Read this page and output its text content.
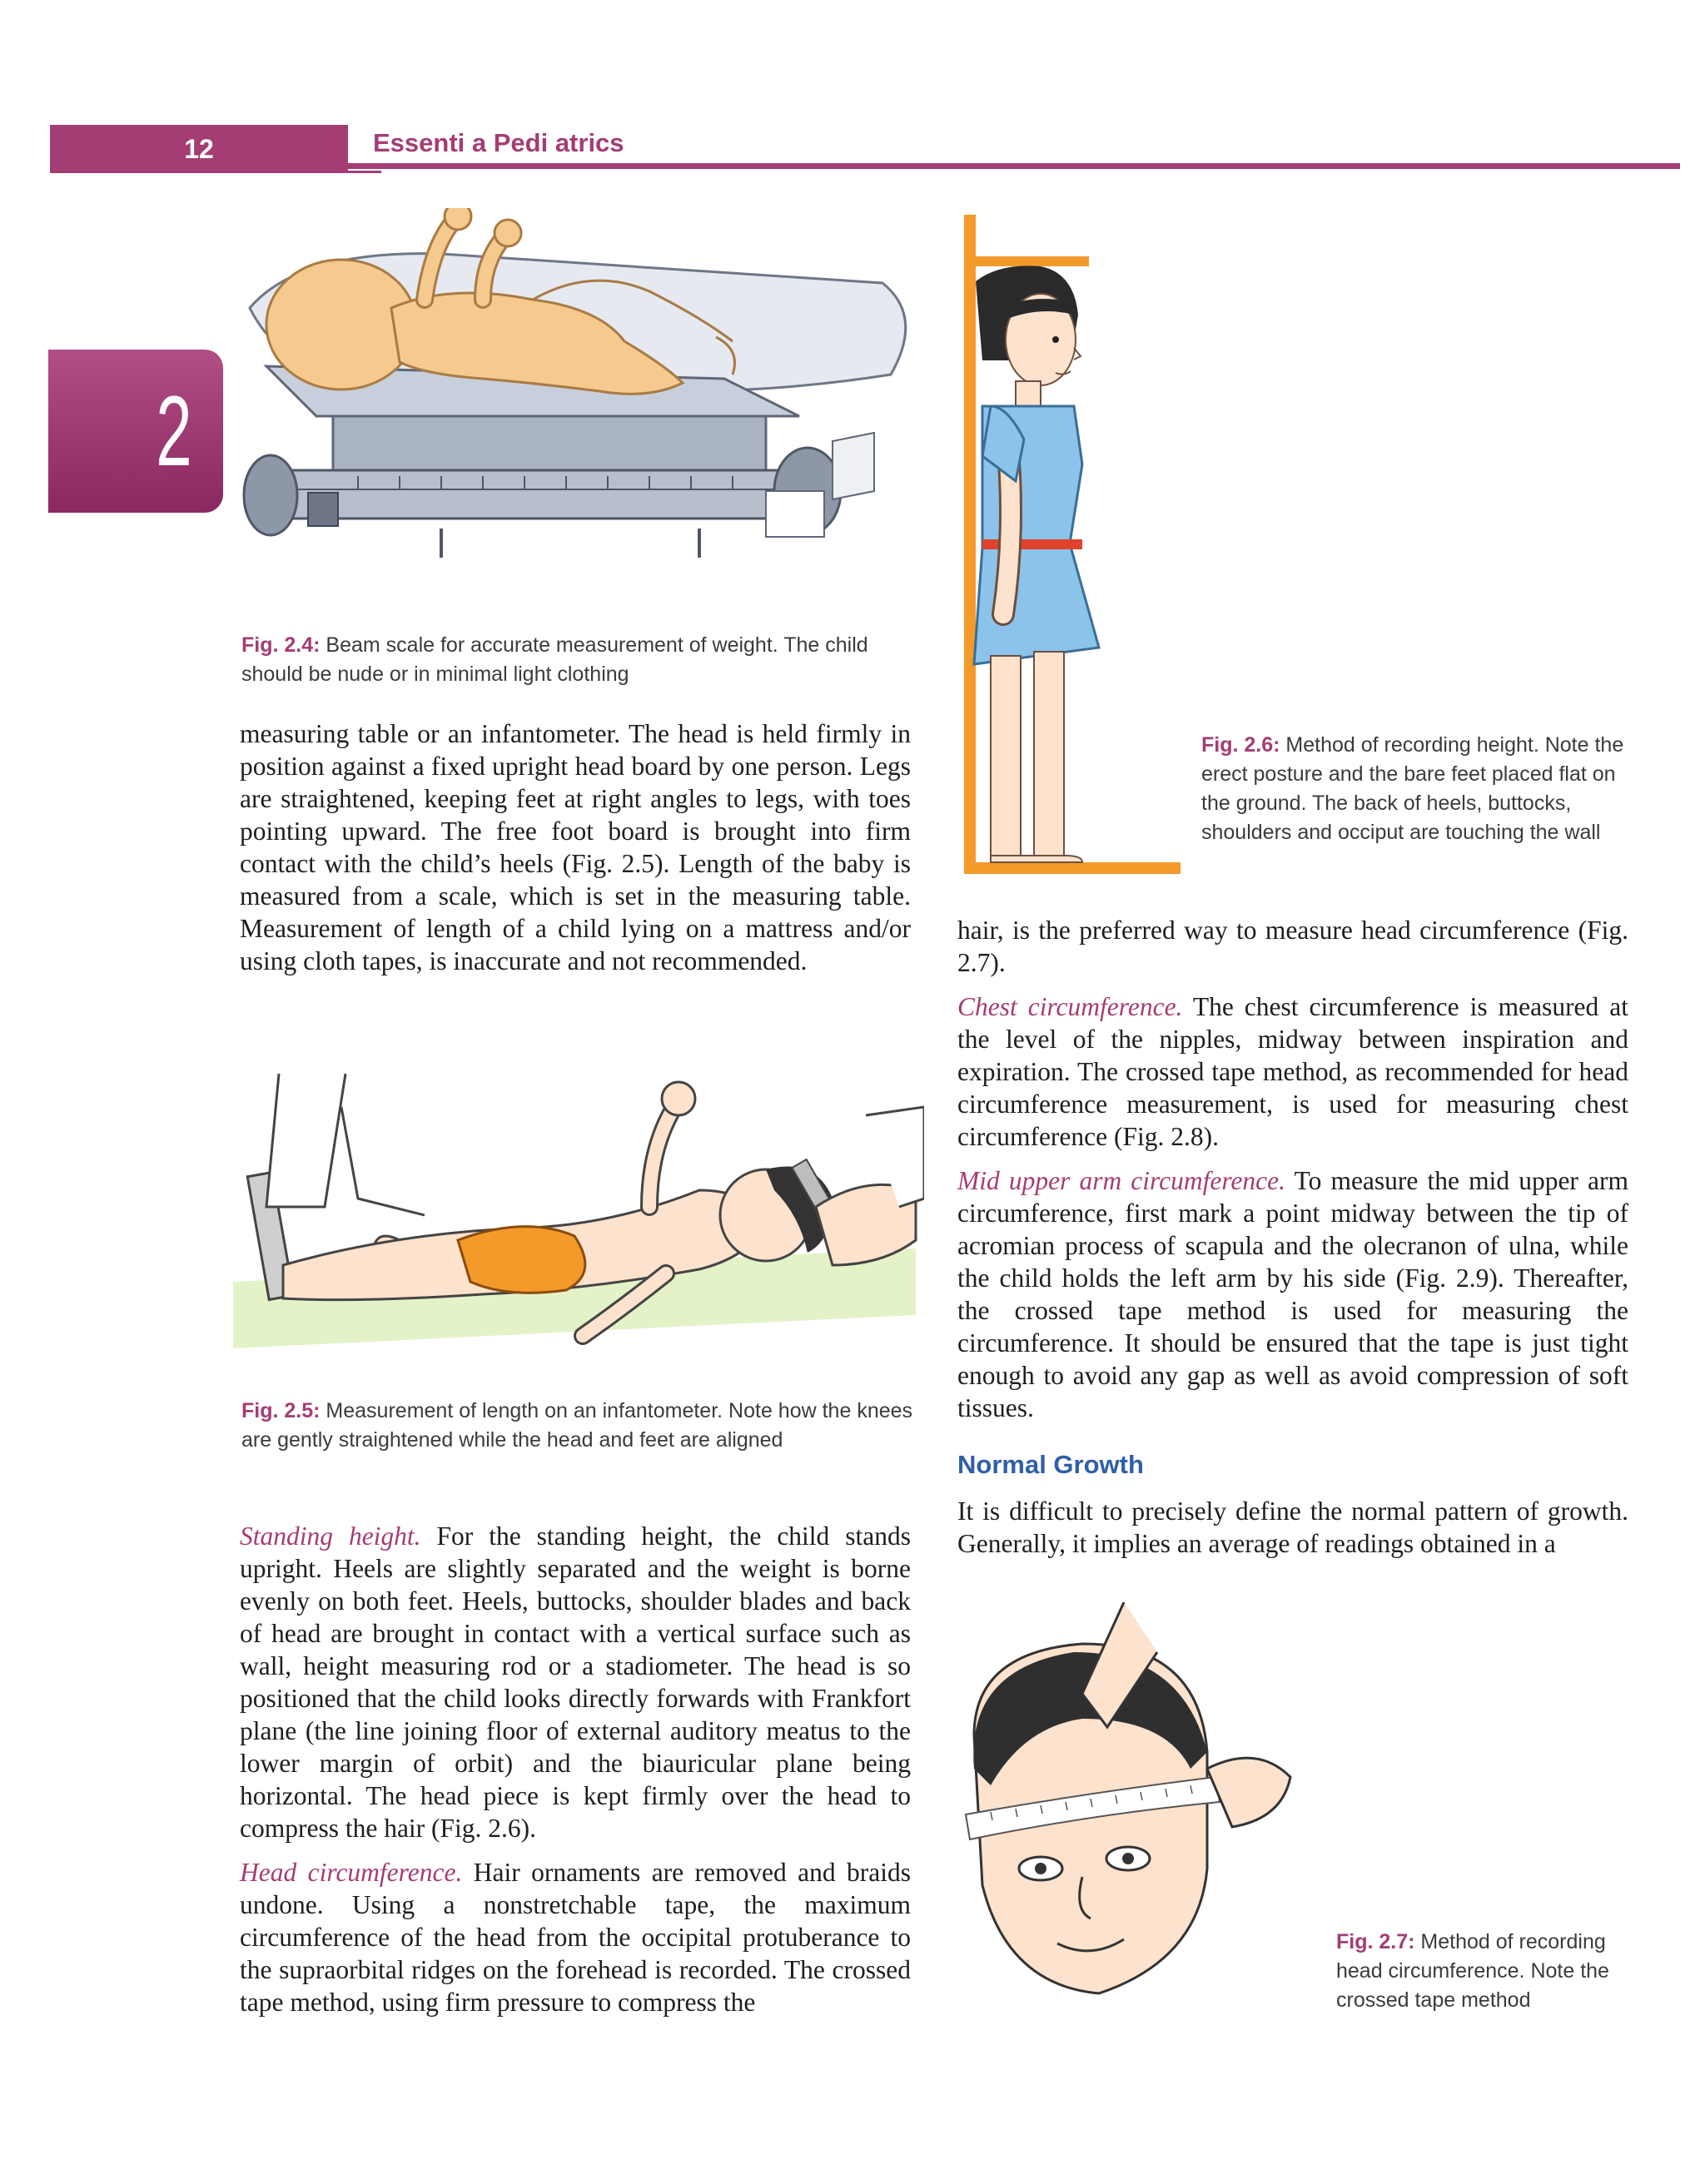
12	Essenti a Pedi atrics
2
Fig. 2.4: Beam scale for accurate measurement of weight. The child should be nude or in minimal light clothing
Fig. 2.6: Method of recording height. Note the erect posture and the bare feet placed flat on the ground. The back of heels, buttocks, shoulders and occiput are touching the wall

measuring table or an infantometer. The head is held firmly in position against a fixed upright head board by one person. Legs are straightened, keeping feet at right angles to legs, with toes pointing upward. The free foot board is brought into firm contact with the child’s heels (Fig. 2.5). Length of the baby is measured from a scale, which is set in the measuring table. Measurement of length of a child lying on a mattress and/or using cloth tapes, is inaccurate and not recommended.

Fig. 2.5: Measurement of length on an infantometer. Note how the knees are gently straightened while the head and feet are aligned

Standing height. For the standing height, the child stands upright. Heels are slightly separated and the weight is borne evenly on both feet. Heels, buttocks, shoulder blades and back of head are brought in contact with a vertical surface such as wall, height measuring rod or a stadiometer. The head is so positioned that the child looks directly forwards with Frankfort plane (the line joining floor of external auditory meatus to the lower margin of orbit) and the biauricular plane being horizontal. The head piece is kept firmly over the head to compress the hair (Fig. 2.6).

Head circumference. Hair ornaments are removed and braids undone. Using a nonstretchable tape, the maximum circumference of the head from the occipital protuberance to the supraorbital ridges on the forehead is recorded. The crossed tape method, using firm pressure to compress the

hair, is the preferred way to measure head circumference (Fig. 2.7).

Chest circumference. The chest circumference is measured at the level of the nipples, midway between inspiration and expiration. The crossed tape method, as recommended for head circumference measurement, is used for measuring chest circumference (Fig. 2.8).

Mid upper arm circumference. To measure the mid upper arm circumference, first mark a point midway between the tip of acromian process of scapula and the olecranon of ulna, while the child holds the left arm by his side (Fig. 2.9). Thereafter, the crossed tape method is used for measuring the circumference. It should be ensured that the tape is just tight enough to avoid any gap as well as avoid compression of soft tissues.

Normal Growth
It is difficult to precisely define the normal pattern of growth. Generally, it implies an average of readings obtained in a
Fig. 2.7: Method of recording head circumference. Note the crossed tape method
